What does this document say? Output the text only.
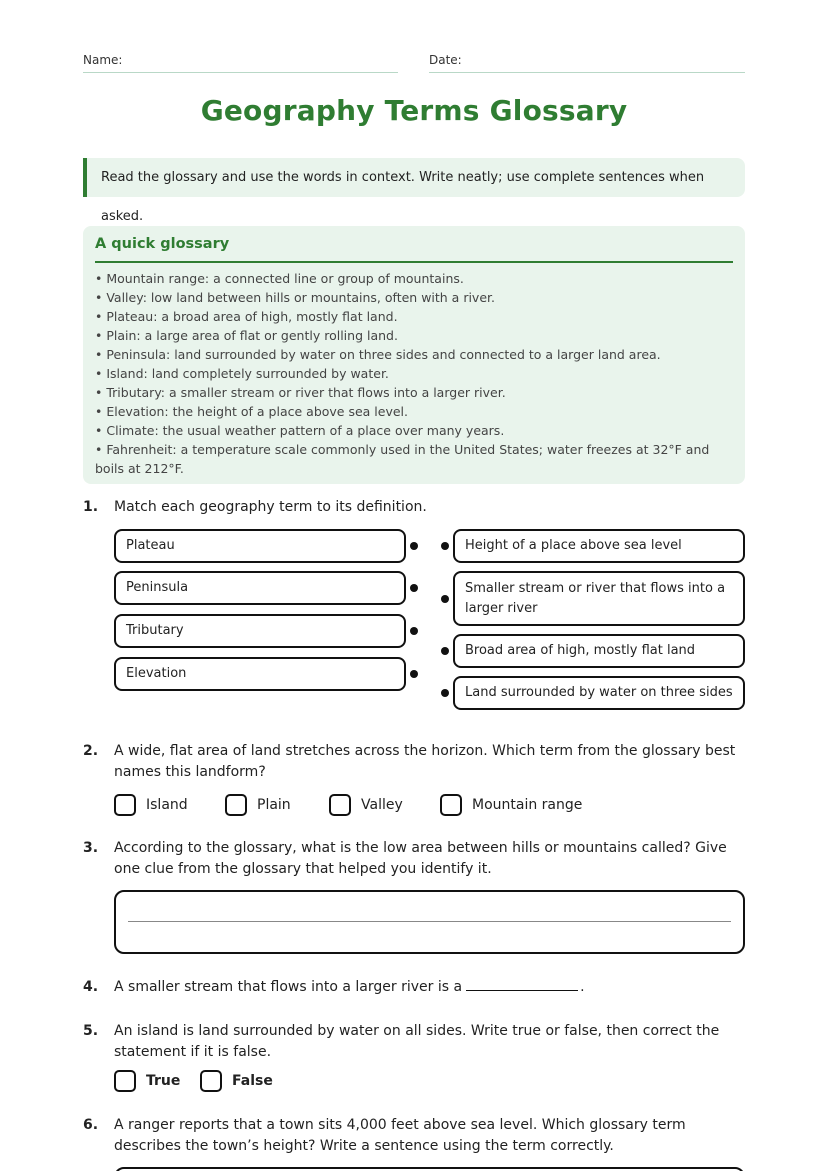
Name:	Date:
Geography Terms Glossary
Read the glossary and use the words in context. Write neatly; use complete sentences when asked.
A quick glossary
• Mountain range: a connected line or group of mountains.
• Valley: low land between hills or mountains, often with a river.
• Plateau: a broad area of high, mostly flat land.
• Plain: a large area of flat or gently rolling land.
• Peninsula: land surrounded by water on three sides and connected to a larger land area.
• Island: land completely surrounded by water.
• Tributary: a smaller stream or river that flows into a larger river.
• Elevation: the height of a place above sea level.
• Climate: the usual weather pattern of a place over many years.
• Fahrenheit: a temperature scale commonly used in the United States; water freezes at 32°F and boils at 212°F.
1. Match each geography term to its definition.
Plateau
Peninsula
Tributary
Elevation
Height of a place above sea level
Smaller stream or river that flows into a larger river
Broad area of high, mostly flat land
Land surrounded by water on three sides
2. A wide, flat area of land stretches across the horizon. Which term from the glossary best names this landform?
Island	Plain	Valley	Mountain range
3. According to the glossary, what is the low area between hills or mountains called? Give one clue from the glossary that helped you identify it.
4. A smaller stream that flows into a larger river is a	.
5. An island is land surrounded by water on all sides. Write true or false, then correct the statement if it is false.
True	False
6. A ranger reports that a town sits 4,000 feet above sea level. Which glossary term describes the town’s height? Write a sentence using the term correctly.
